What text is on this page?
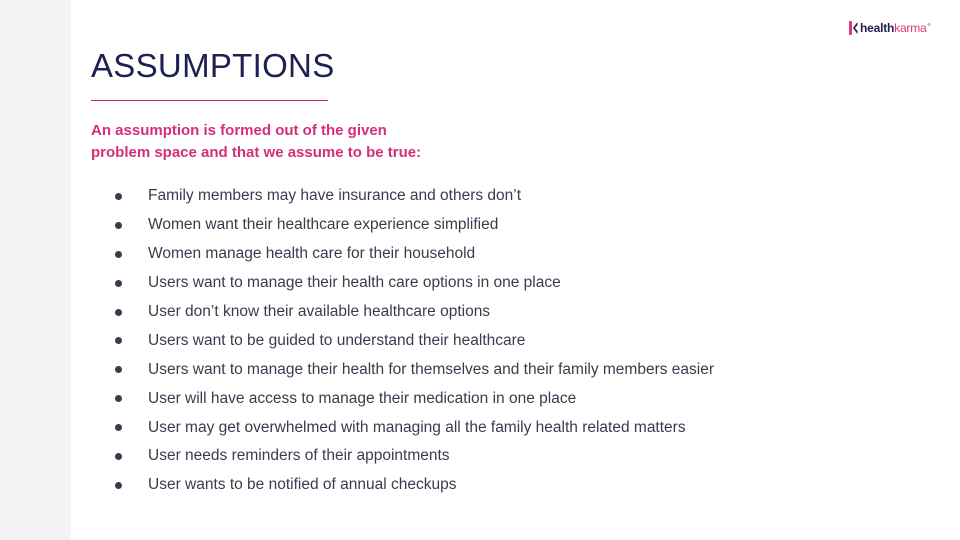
health karma ®
ASSUMPTIONS
An assumption is formed out of the given
problem space and that we assume to be true:
Family members may have insurance and others don’t
Women want their healthcare experience simplified
Women manage health care for their household
Users want to manage their health care options in one place
User don’t know their available healthcare options
Users want to be guided to understand their healthcare
Users want to manage their health for themselves and their family members easier
User will have access to manage their medication in one place
User may get overwhelmed with managing all the family health related matters
User needs reminders of their appointments
User wants to be notified of annual checkups
